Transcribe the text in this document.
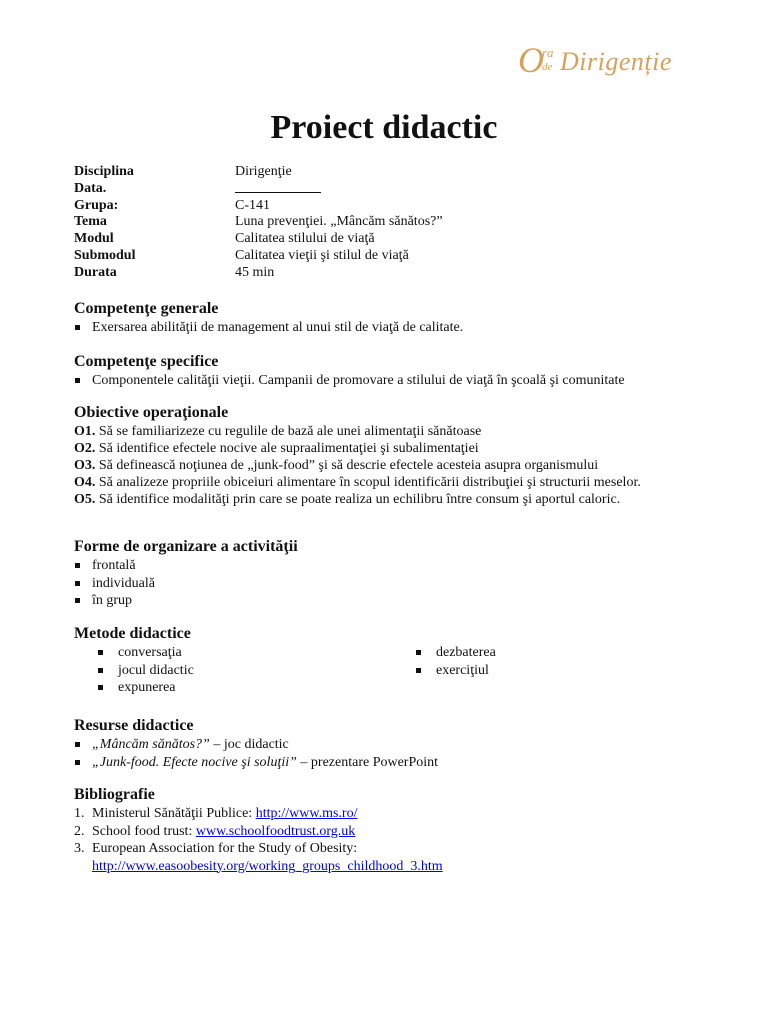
O
ra
de Dirigenție
Proiect didactic
Disciplina	Dirigenţie
Data.
Grupa:	C-141
Tema	Luna prevenţiei. „Mâncăm sănătos?”
Modul	Calitatea stilului de viaţă
Submodul	Calitatea vieţii şi stilul de viaţă
Durata	45 min
Competenţe generale
Exersarea abilităţii de management al unui stil de viaţă de calitate.
Competenţe specifice
Componentele calităţii vieţii. Campanii de promovare a stilului de viaţă în şcoală şi comunitate
Obiective operaţionale

O1. Să se familiarizeze cu regulile de bază ale unei alimentaţii sănătoase

O2. Să identifice efectele nocive ale supraalimentaţiei şi subalimentaţiei

O3. Să definească noţiunea de „junk-food” şi să descrie efectele acesteia asupra organismului

O4. Să analizeze propriile obiceiuri alimentare în scopul identificării distribuţiei şi structurii meselor.

O5. Să identifice modalităţi prin care se poate realiza un echilibru între consum şi aportul caloric.

Forme de organizare a activităţii
frontală
individuală
în grup
Metode didactice
conversaţia
jocul didactic
expunerea
dezbaterea
exerciţiul
Resurse didactice
„Mâncăm sănătos?” – joc didactic
„Junk-food. Efecte nocive şi soluţii” – prezentare PowerPoint
Bibliografie
1. Ministerul Sănătăţii Publice: http://www.ms.ro/
2. School food trust: www.schoolfoodtrust.org.uk
3. European Association for the Study of Obesity:
http://www.easoobesity.org/working_groups_childhood_3.htm
